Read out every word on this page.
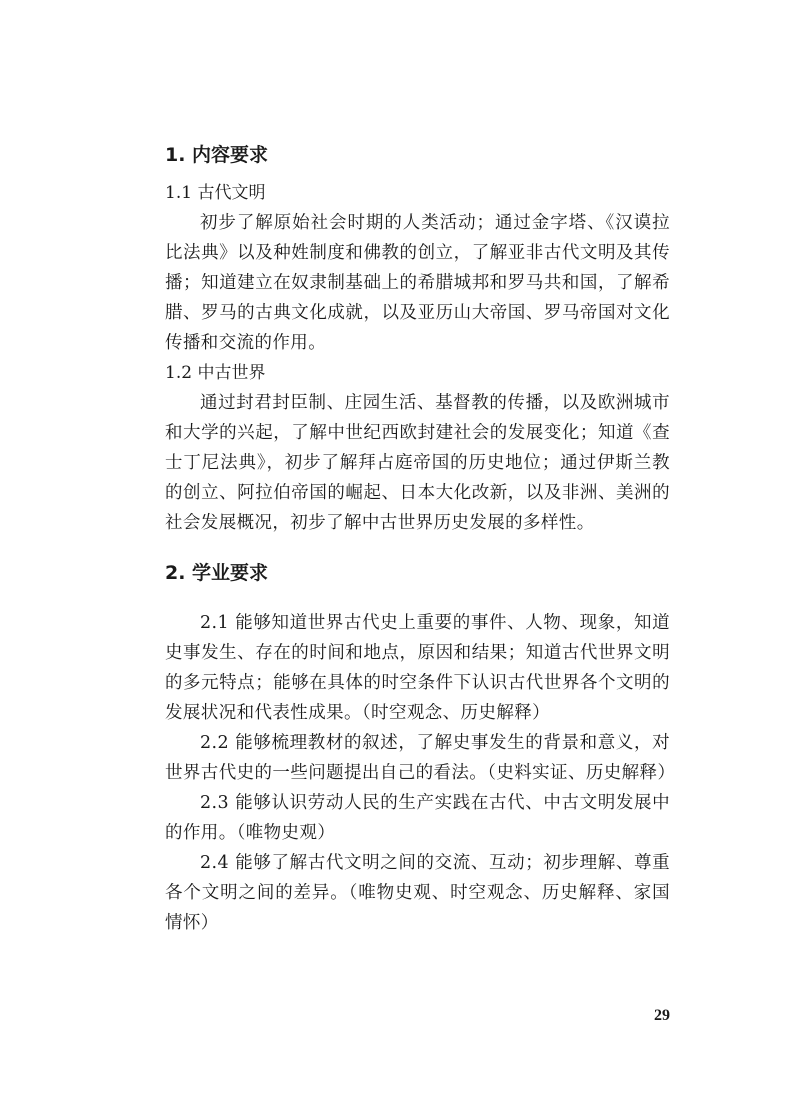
1. 内容要求

1.1 古代文明

初步了解原始社会时期的人类活动；通过金字塔、《汉谟拉比法典》以及种姓制度和佛教的创立，了解亚非古代文明及其传播；知道建立在奴隶制基础上的希腊城邦和罗马共和国，了解希腊、罗马的古典文化成就，以及亚历山大帝国、罗马帝国对文化传播和交流的作用。

1.2 中古世界

通过封君封臣制、庄园生活、基督教的传播，以及欧洲城市和大学的兴起，了解中世纪西欧封建社会的发展变化；知道《查士丁尼法典》，初步了解拜占庭帝国的历史地位；通过伊斯兰教的创立、阿拉伯帝国的崛起、日本大化改新，以及非洲、美洲的社会发展概况，初步了解中古世界历史发展的多样性。

2. 学业要求

2.1 能够知道世界古代史上重要的事件、人物、现象，知道史事发生、存在的时间和地点，原因和结果；知道古代世界文明的多元特点；能够在具体的时空条件下认识古代世界各个文明的发展状况和代表性成果。（时空观念、历史解释）

2.2 能够梳理教材的叙述，了解史事发生的背景和意义，对世界古代史的一些问题提出自己的看法。（史料实证、历史解释）

2.3 能够认识劳动人民的生产实践在古代、中古文明发展中的作用。（唯物史观）

2.4 能够了解古代文明之间的交流、互动；初步理解、尊重各个文明之间的差异。（唯物史观、时空观念、历史解释、家国情怀）

29
